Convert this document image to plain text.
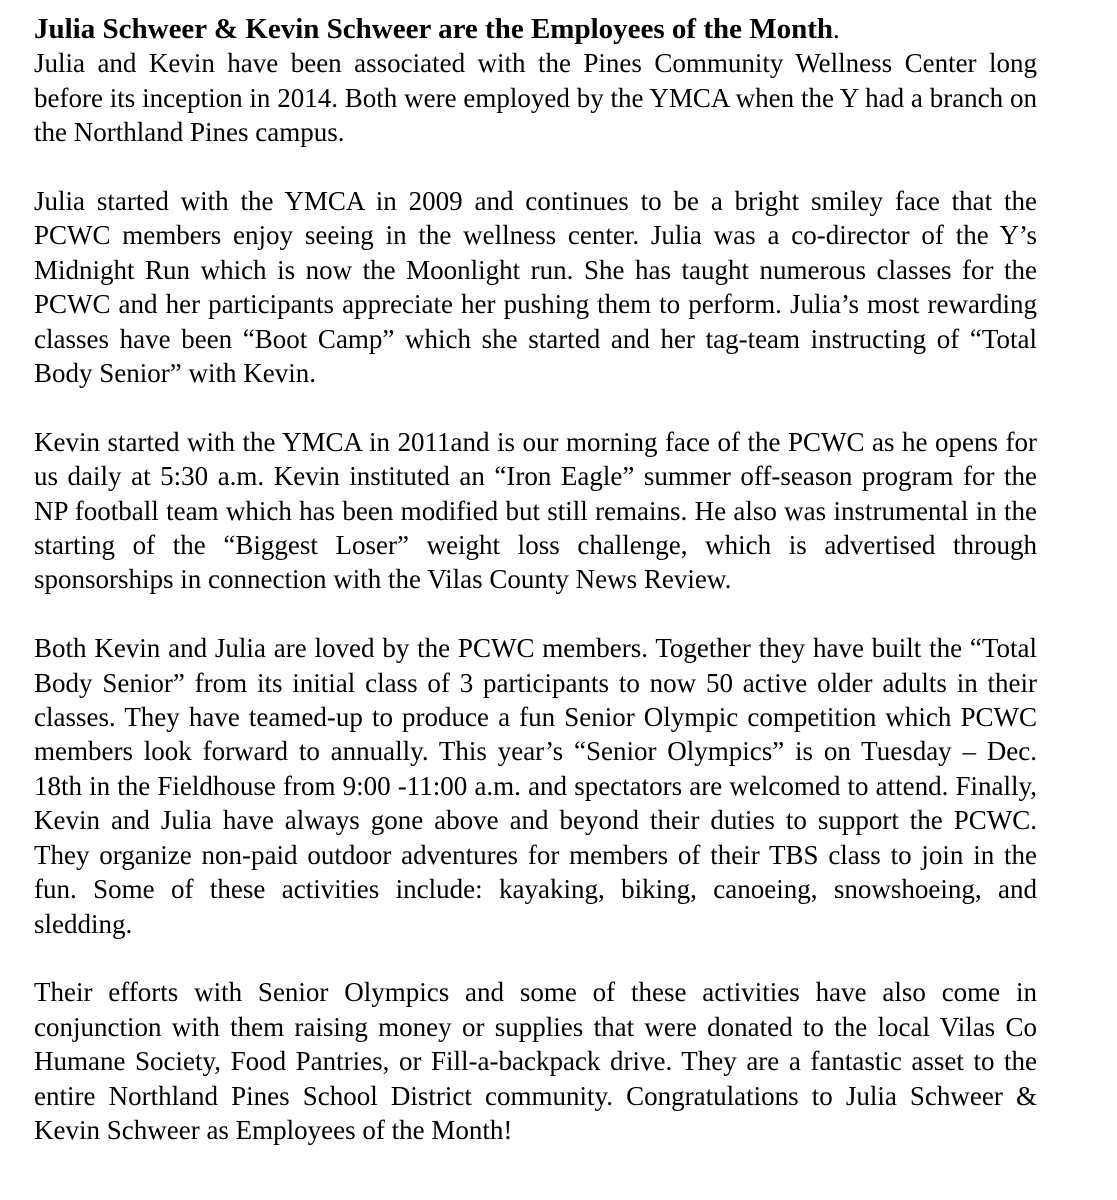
Julia Schweer & Kevin Schweer are the Employees of the Month.

Julia and Kevin have been associated with the Pines Community Wellness Center long before its inception in 2014. Both were employed by the YMCA when the Y had a branch on the Northland Pines campus.

Julia started with the YMCA in 2009 and continues to be a bright smiley face that the PCWC members enjoy seeing in the wellness center. Julia was a co-director of the Y’s Midnight Run which is now the Moonlight run. She has taught numerous classes for the PCWC and her participants appreciate her pushing them to perform. Julia’s most rewarding classes have been “Boot Camp” which she started and her tag-team instructing of “Total Body Senior” with Kevin.

Kevin started with the YMCA in 2011and is our morning face of the PCWC as he opens for us daily at 5:30 a.m. Kevin instituted an “Iron Eagle” summer off-season program for the NP football team which has been modified but still remains. He also was instrumental in the starting of the “Biggest Loser” weight loss challenge, which is advertised through sponsorships in connection with the Vilas County News Review.

Both Kevin and Julia are loved by the PCWC members. Together they have built the “Total Body Senior” from its initial class of 3 participants to now 50 active older adults in their classes. They have teamed-up to produce a fun Senior Olympic competition which PCWC members look forward to annually. This year’s “Senior Olympics” is on Tuesday – Dec. 18th in the Fieldhouse from 9:00 -11:00 a.m. and spectators are welcomed to attend. Finally, Kevin and Julia have always gone above and beyond their duties to support the PCWC. They organize non-paid outdoor adventures for members of their TBS class to join in the fun. Some of these activities include: kayaking, biking, canoeing, snowshoeing, and sledding.

Their efforts with Senior Olympics and some of these activities have also come in conjunction with them raising money or supplies that were donated to the local Vilas Co Humane Society, Food Pantries, or Fill-a-backpack drive. They are a fantastic asset to the entire Northland Pines School District community. Congratulations to Julia Schweer & Kevin Schweer as Employees of the Month!
